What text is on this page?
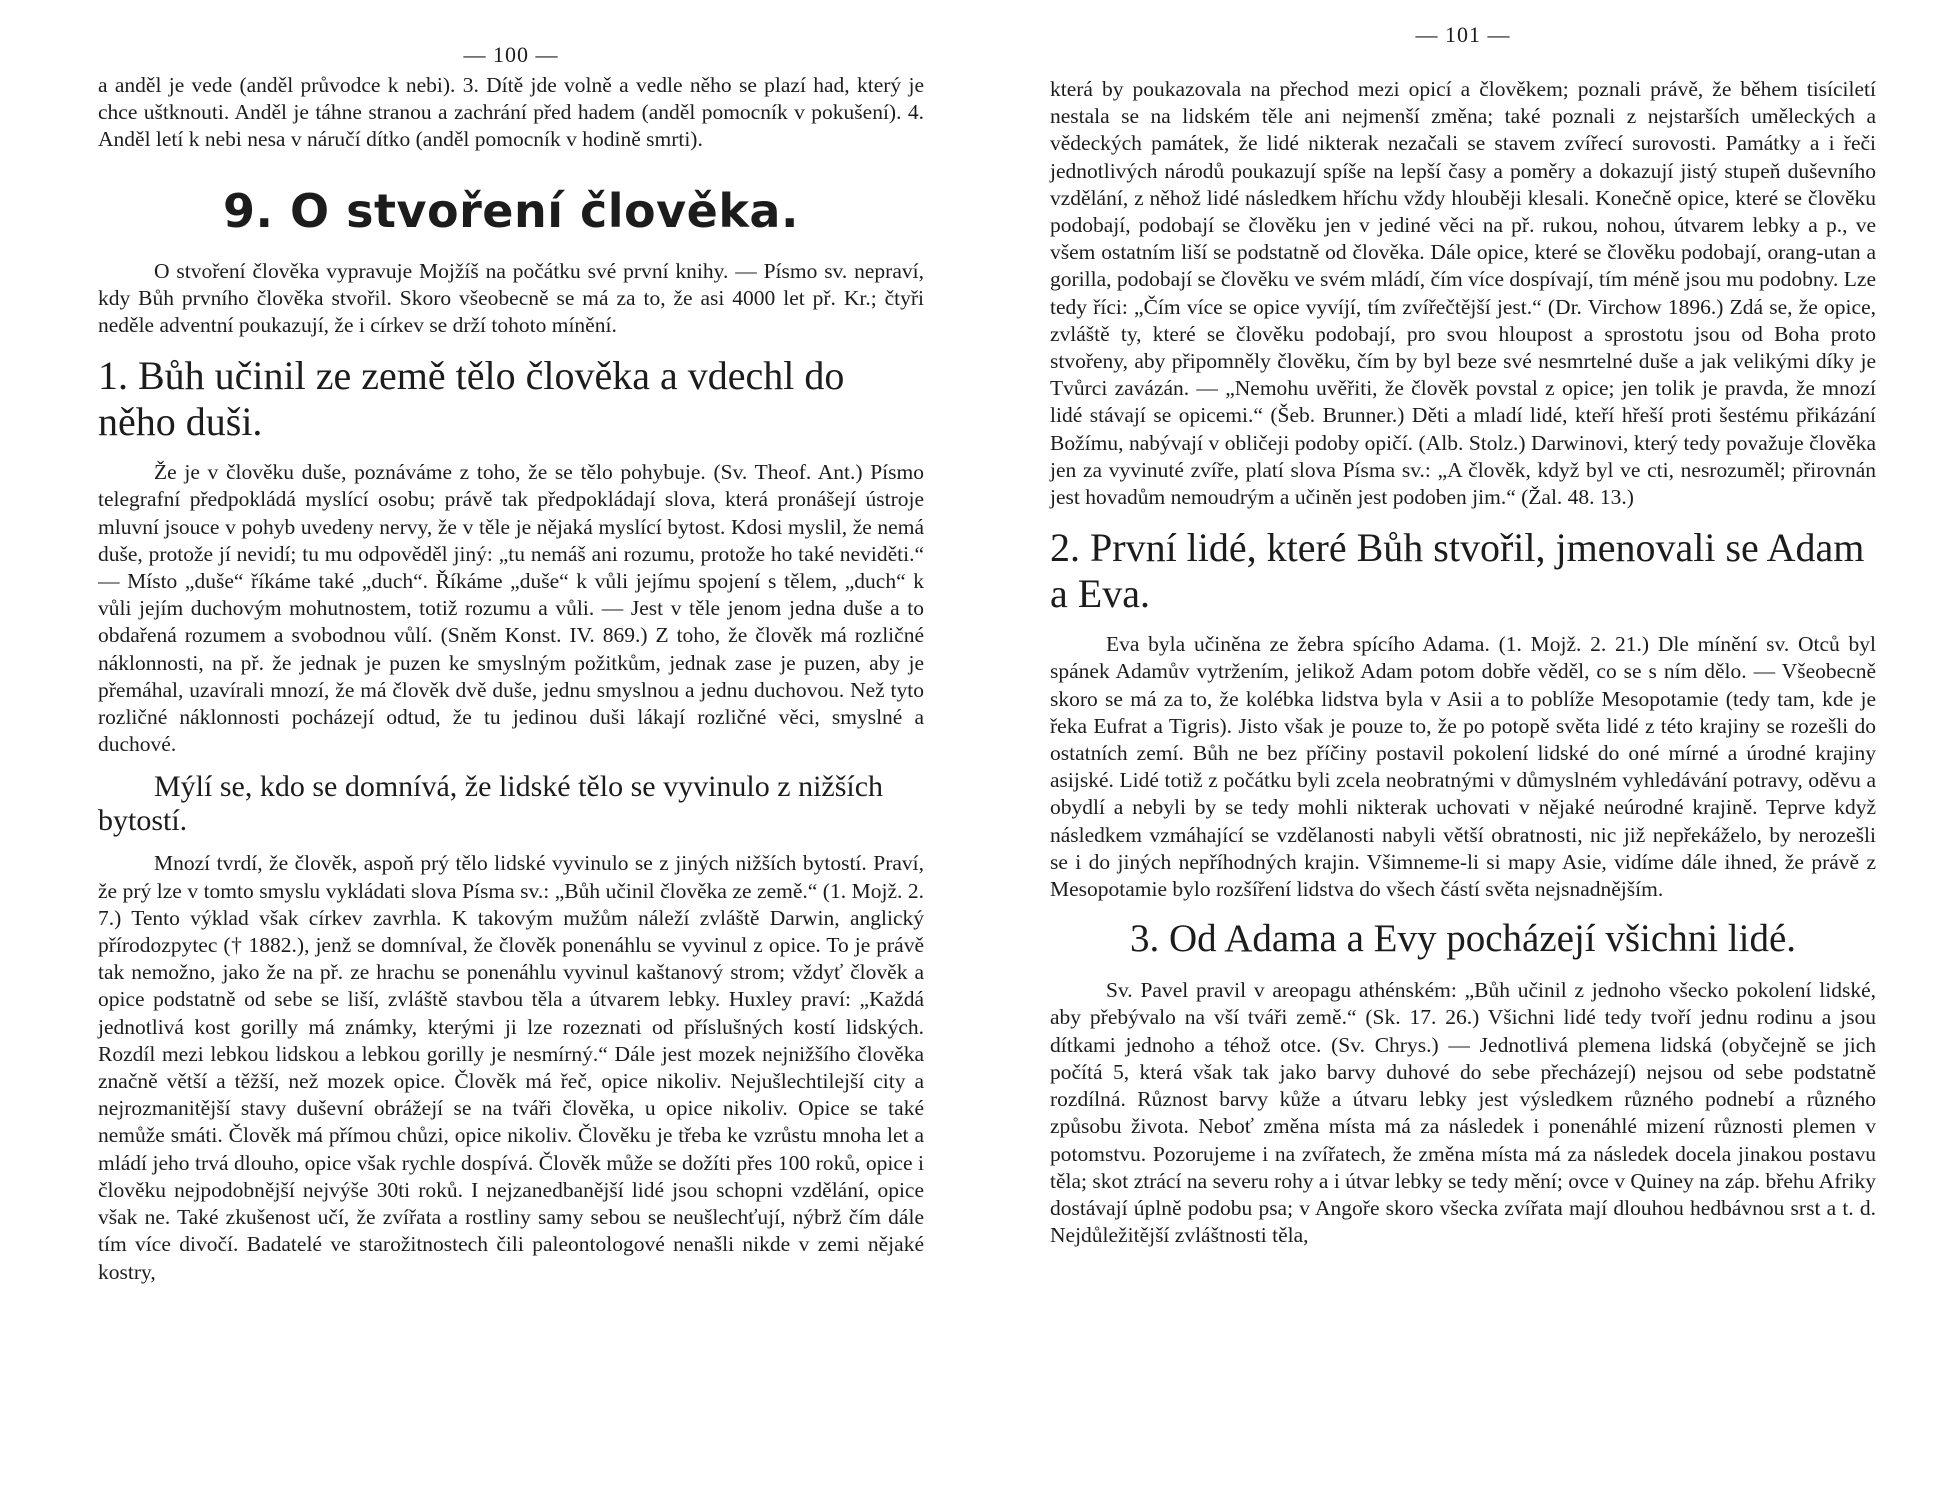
— 100 —

a anděl je vede (anděl průvodce k nebi). 3. Dítě jde volně a vedle něho se plazí had, který je chce uštknouti. Anděl je táhne stranou a zachrání před hadem (anděl pomocník v pokušení). 4. Anděl letí k nebi nesa v náručí dítko (anděl pomocník v hodině smrti).

9. O stvoření člověka.

O stvoření člověka vypravuje Mojžíš na počátku své první knihy. — Písmo sv. nepraví, kdy Bůh prvního člověka stvořil. Skoro všeobecně se má za to, že asi 4000 let př. Kr.; čtyři neděle adventní poukazují, že i církev se drží tohoto mínění.

1. Bůh učinil ze země tělo člověka a vdechl do něho duši.

Že je v člověku duše, poznáváme z toho, že se tělo pohybuje. (Sv. Theof. Ant.) Písmo telegrafní předpokládá myslící osobu; právě tak předpokládají slova, která pronášejí ústroje mluvní jsouce v pohyb uvedeny nervy, že v těle je nějaká myslící bytost. Kdosi myslil, že nemá duše, protože jí nevidí; tu mu odpověděl jiný: „tu nemáš ani rozumu, protože ho také neviděti.“ — Místo „duše“ říkáme také „duch“. Říkáme „duše“ k vůli jejímu spojení s tělem, „duch“ k vůli jejím duchovým mohutnostem, totiž rozumu a vůli. — Jest v těle jenom jedna duše a to obdařená rozumem a svobodnou vůlí. (Sněm Konst. IV. 869.) Z toho, že člověk má rozličné náklonnosti, na př. že jednak je puzen ke smyslným požitkům, jednak zase je puzen, aby je přemáhal, uzavírali mnozí, že má člověk dvě duše, jednu smyslnou a jednu duchovou. Než tyto rozličné náklonnosti pocházejí odtud, že tu jedinou duši lákají rozličné věci, smyslné a duchové.

Mýlí se, kdo se domnívá, že lidské tělo se vyvinulo z nižších bytostí.

Mnozí tvrdí, že člověk, aspoň prý tělo lidské vyvinulo se z jiných nižších bytostí. Praví, že prý lze v tomto smyslu vykládati slova Písma sv.: „Bůh učinil člověka ze země.“ (1. Mojž. 2. 7.) Tento výklad však církev zavrhla. K takovým mužům náleží zvláště Darwin, anglický přírodozpytec († 1882.), jenž se domníval, že člověk ponenáhlu se vyvinul z opice. To je právě tak nemožno, jako že na př. ze hrachu se ponenáhlu vyvinul kaštanový strom; vždyť člověk a opice podstatně od sebe se liší, zvláště stavbou těla a útvarem lebky. Huxley praví: „Každá jednotlivá kost gorilly má známky, kterými ji lze rozeznati od příslušných kostí lidských. Rozdíl mezi lebkou lidskou a lebkou gorilly je nesmírný.“ Dále jest mozek nejnižšího člověka značně větší a těžší, než mozek opice. Člověk má řeč, opice nikoliv. Nejušlechtilejší city a nejrozmanitější stavy duševní obrážejí se na tváři člověka, u opice nikoliv. Opice se také nemůže smáti. Člověk má přímou chůzi, opice nikoliv. Člověku je třeba ke vzrůstu mnoha let a mládí jeho trvá dlouho, opice však rychle dospívá. Člověk může se dožíti přes 100 roků, opice i člověku nejpodobnější nejvýše 30ti roků. I nejzanedbanější lidé jsou schopni vzdělání, opice však ne. Také zkušenost učí, že zvířata a rostliny samy sebou se neušlechťují, nýbrž čím dále tím více divočí. Badatelé ve starožitnostech čili paleontologové nenašli nikde v zemi nějaké kostry,

— 101 —

která by poukazovala na přechod mezi opicí a člověkem; poznali právě, že během tisíciletí nestala se na lidském těle ani nejmenší změna; také poznali z nejstarších uměleckých a vědeckých památek, že lidé nikterak nezačali se stavem zvířecí surovosti. Památky a i řeči jednotlivých národů poukazují spíše na lepší časy a poměry a dokazují jistý stupeň duševního vzdělání, z něhož lidé následkem hříchu vždy hlouběji klesali. Konečně opice, které se člověku podobají, podobají se člověku jen v jediné věci na př. rukou, nohou, útvarem lebky a p., ve všem ostatním liší se podstatně od člověka. Dále opice, které se člověku podobají, orang-utan a gorilla, podobají se člověku ve svém mládí, čím více dospívají, tím méně jsou mu podobny. Lze tedy říci: „Čím více se opice vyvíjí, tím zvířečtější jest.“ (Dr. Virchow 1896.) Zdá se, že opice, zvláště ty, které se člověku podobají, pro svou hloupost a sprostotu jsou od Boha proto stvořeny, aby připomněly člověku, čím by byl beze své nesmrtelné duše a jak velikými díky je Tvůrci zavázán. — „Nemohu uvěřiti, že člověk povstal z opice; jen tolik je pravda, že mnozí lidé stávají se opicemi.“ (Šeb. Brunner.) Děti a mladí lidé, kteří hřeší proti šestému přikázání Božímu, nabývají v obličeji podoby opičí. (Alb. Stolz.) Darwinovi, který tedy považuje člověka jen za vyvinuté zvíře, platí slova Písma sv.: „A člověk, když byl ve cti, nesrozuměl; přirovnán jest hovadům nemoudrým a učiněn jest podoben jim.“ (Žal. 48. 13.)

2. První lidé, které Bůh stvořil, jmenovali se Adam a Eva.

Eva byla učiněna ze žebra spícího Adama. (1. Mojž. 2. 21.) Dle mínění sv. Otců byl spánek Adamův vytržením, jelikož Adam potom dobře věděl, co se s ním dělo. — Všeobecně skoro se má za to, že kolébka lidstva byla v Asii a to poblíže Mesopotamie (tedy tam, kde je řeka Eufrat a Tigris). Jisto však je pouze to, že po potopě světa lidé z této krajiny se rozešli do ostatních zemí. Bůh ne bez příčiny postavil pokolení lidské do oné mírné a úrodné krajiny asijské. Lidé totiž z počátku byli zcela neobratnými v důmyslném vyhledávání potravy, oděvu a obydlí a nebyli by se tedy mohli nikterak uchovati v nějaké neúrodné krajině. Teprve když následkem vzmáhající se vzdělanosti nabyli větší obratnosti, nic již nepřekáželo, by nerozešli se i do jiných nepříhodných krajin. Všimneme-li si mapy Asie, vidíme dále ihned, že právě z Mesopotamie bylo rozšíření lidstva do všech částí světa nejsnadnějším.

3. Od Adama a Evy pocházejí všichni lidé.

Sv. Pavel pravil v areopagu athénském: „Bůh učinil z jednoho všecko pokolení lidské, aby přebývalo na vší tváři země.“ (Sk. 17. 26.) Všichni lidé tedy tvoří jednu rodinu a jsou dítkami jednoho a téhož otce. (Sv. Chrys.) — Jednotlivá plemena lidská (obyčejně se jich počítá 5, která však tak jako barvy duhové do sebe přecházejí) nejsou od sebe podstatně rozdílná. Různost barvy kůže a útvaru lebky jest výsledkem různého podnebí a různého způsobu života. Neboť změna místa má za následek i ponenáhlé mizení různosti plemen v potomstvu. Pozorujeme i na zvířatech, že změna místa má za následek docela jinakou postavu těla; skot ztrácí na severu rohy a i útvar lebky se tedy mění; ovce v Quiney na záp. břehu Afriky dostávají úplně podobu psa; v Angoře skoro všecka zvířata mají dlouhou hedbávnou srst a t. d. Nejdůležitější zvláštnosti těla,
